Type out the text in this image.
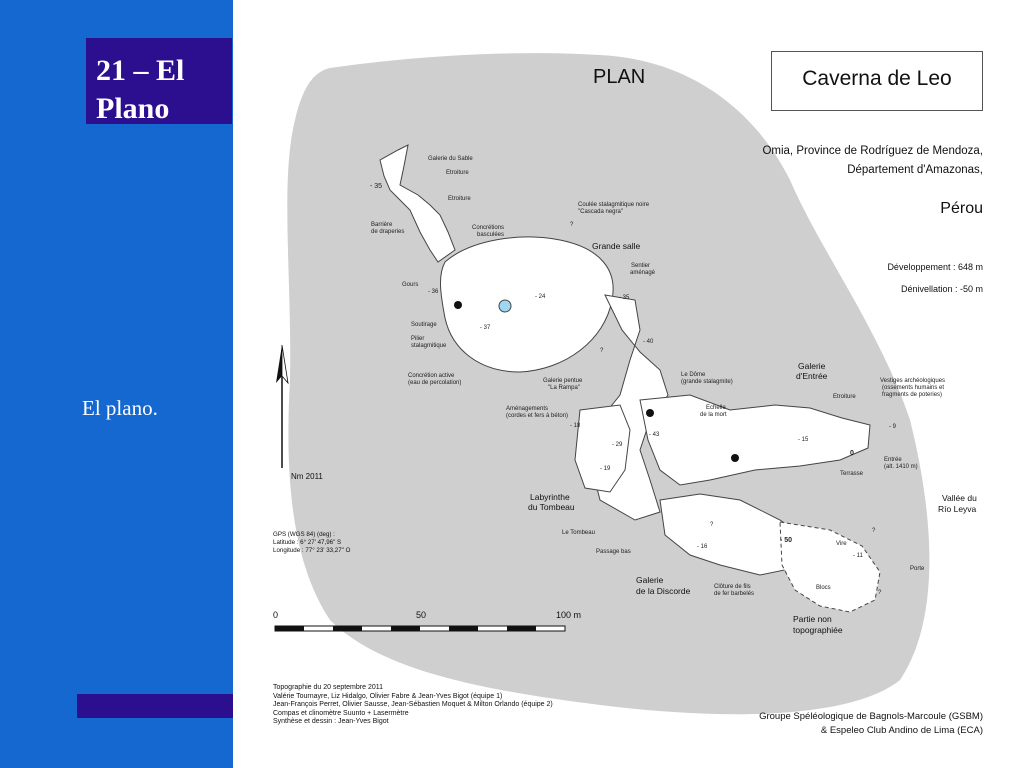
21 – El
Plano
El plano.
PLAN	Caverna de Leo
Omia, Province de Rodríguez de Mendoza,
Département d'Amazonas,
Pérou
Développement : 648 m
Dénivellation : -50 m
Nm 2011
GPS (WGS 84) (deg) :
Latitude : 6° 27' 47,96" S
Longitude : 77° 23' 33,27" O
0	50	100 m
Grande salle
Galerie
d'Entrée
Labyrinthe
du Tombeau
Galerie
de la Discorde
Partie non
topographiée
Vallée du
Río Leyva
Galerie du Sable
Etroiture
Etroiture
Barrière
de draperies
Concrétions
basculées
Coulée stalagmitique noire
"Cascada negra"
Gours
Sentier
aménagé
Soutirage
Pilier
stalagmitique
Concrétion active
(eau de percolation)	Galerie pentue
"La Rampa"
Le Dôme
(grande stalagmite)
Aménagements
(cordes et fers à béton)
Echelle
de la mort
Etroiture
Vestiges archéologiques
(ossements humains et
fragments de poteries)
Entrée
(alt. 1410 m)
Terrasse
Le Tombeau
Passage bas
Clôture de fils
de fer barbelés
Vire
Porte
Blocs
- 35
- 36
- 24
- 37
- 35
- 40
- 18
- 43
- 29
- 19
- 15
- 9
0
- 16
- 50
- 11
?
?
?
?
?
Topographie du 20 septembre 2011
Valérie Tournayre, Liz Hidalgo, Olivier Fabre & Jean-Yves Bigot (équipe 1)
Jean-François Perret, Olivier Sausse, Jean-Sébastien Moquet & Milton Orlando (équipe 2)
Compas et clinomètre Suunto + Lasermètre
Synthèse et dessin : Jean-Yves Bigot	Groupe Spéléologique de Bagnols-Marcoule (GSBM)
& Espeleo Club Andino de Lima (ECA)
